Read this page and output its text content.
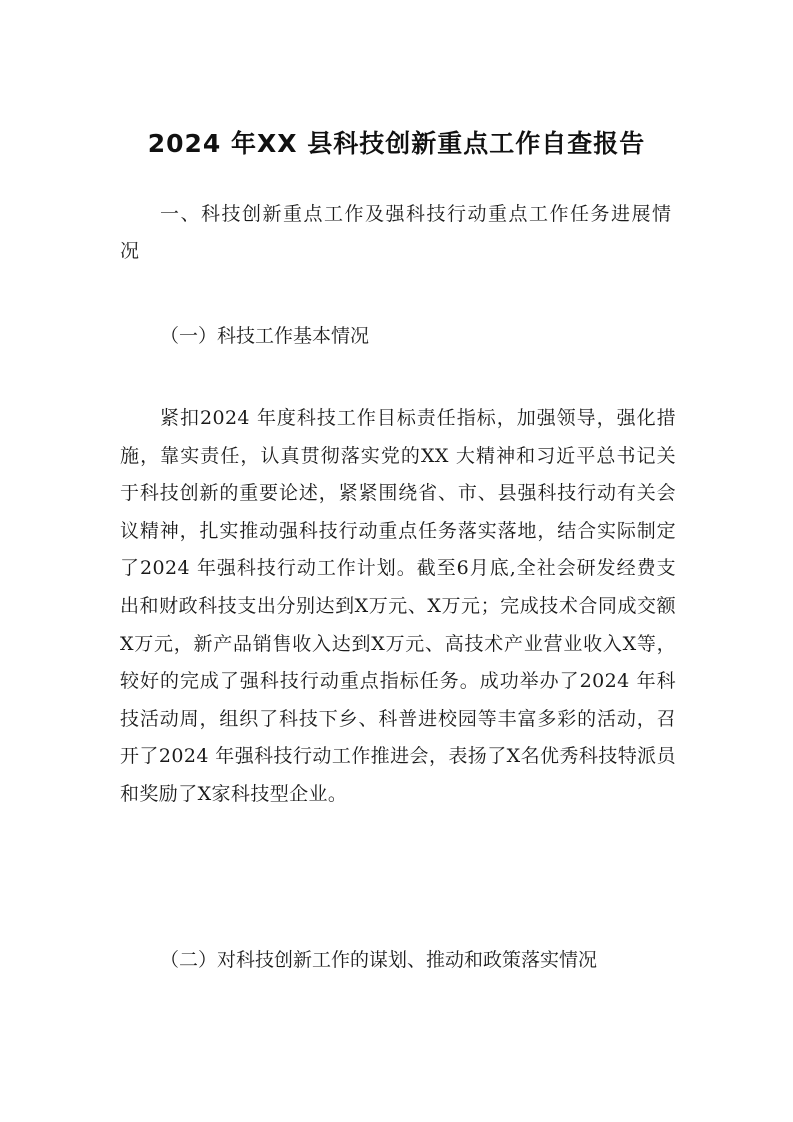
2024 年XX 县科技创新重点工作自查报告

一、科技创新重点工作及强科技行动重点工作任务进展情况

（一）科技工作基本情况

紧扣2024 年度科技工作目标责任指标，加强领导，强化措施，靠实责任，认真贯彻落实党的XX 大精神和习近平总书记关于科技创新的重要论述，紧紧围绕省、市、县强科技行动有关会议精神，扎实推动强科技行动重点任务落实落地，结合实际制定了2024 年强科技行动工作计划。截至6月底,全社会研发经费支出和财政科技支出分别达到X万元、X万元；完成技术合同成交额X万元，新产品销售收入达到X万元、高技术产业营业收入X等，较好的完成了强科技行动重点指标任务。成功举办了2024 年科技活动周，组织了科技下乡、科普进校园等丰富多彩的活动，召开了2024 年强科技行动工作推进会，表扬了X名优秀科技特派员和奖励了X家科技型企业。

（二）对科技创新工作的谋划、推动和政策落实情况
